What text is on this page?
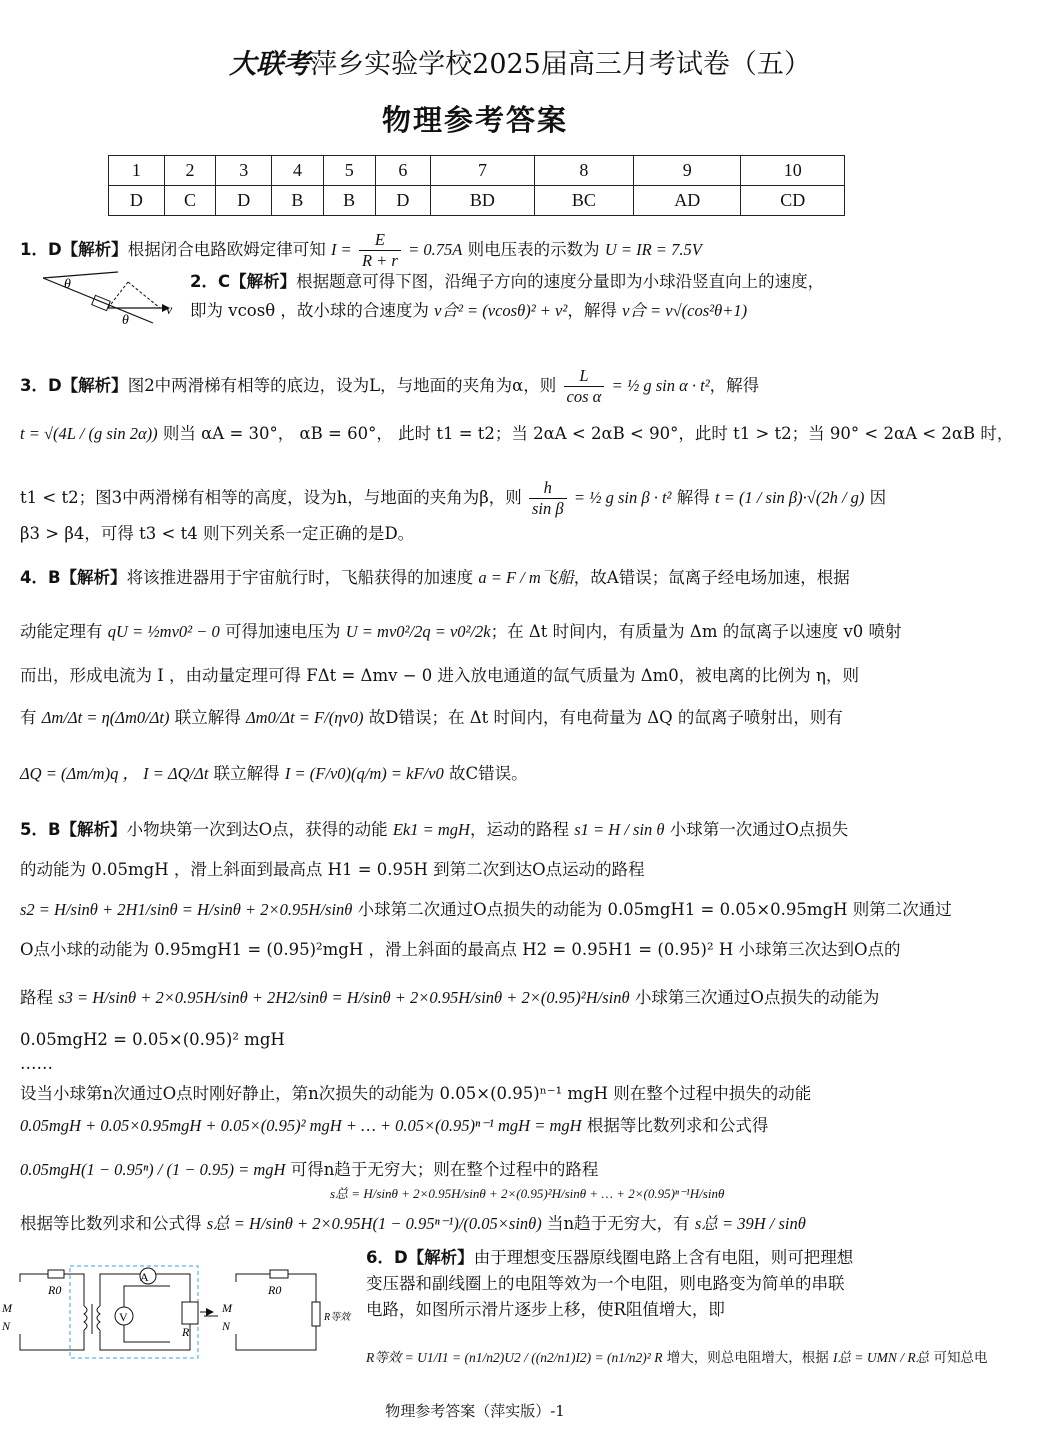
大联考萍乡实验学校2025届高三月考试卷（五）
物理参考答案
1	2	3	4	5	6	7	8	9	10
D	C	D	B	B	D	BD	BC	AD	CD
1．D【解析】根据闭合电路欧姆定律可知 $I = \frac{E}{R + r} = 0.75A$ 则电压表的示数为 U = IR = 7.5V
θ
θ
v
2．C【解析】根据题意可得下图，沿绳子方向的速度分量即为小球沿竖直向上的速度，
即为 vcosθ ，故小球的合速度为 v合² = (vcosθ)² + v²，解得 v合 = v√(cos²θ+1)
3．D【解析】图2中两滑梯有相等的底边，设为L，与地面的夹角为α，则 $\frac{L}{\text{cos α}}$ = ½ g sin α · t²，解得
t = √(4L / (g sin 2α)) 则当 αA = 30°， αB = 60°， 此时 t1 = t2；当 2αA < 2αB < 90°，此时 t1 > t2；当 90° < 2αA < 2αB 时，
t1 < t2；图3中两滑梯有相等的高度，设为h，与地面的夹角为β，则 $\frac{h}{\text{sin β}}$ = ½ g sin β · t² 解得 t = (1 / sin β)·√(2h / g) 因
β3 > β4，可得 t3 < t4 则下列关系一定正确的是D。
4．B【解析】将该推进器用于宇宙航行时，飞船获得的加速度 a = F / m飞船，故A错误；氙离子经电场加速，根据
动能定理有 qU = ½mv0² − 0 可得加速电压为 U = mv0²/2q = v0²/2k；在 Δt 时间内，有质量为 Δm 的氙离子以速度 v0 喷射
而出，形成电流为 I ，由动量定理可得 FΔt = Δmv − 0 进入放电通道的氙气质量为 Δm0，被电离的比例为 η，则
有 Δm/Δt = η(Δm0/Δt) 联立解得 Δm0/Δt = F/(ηv0) 故D错误；在 Δt 时间内，有电荷量为 ΔQ 的氙离子喷射出，则有
ΔQ = (Δm/m)q ， I = ΔQ/Δt 联立解得 I = (F/v0)(q/m) = kF/v0 故C错误。
5．B【解析】小物块第一次到达O点，获得的动能 Ek1 = mgH，运动的路程 s1 = H / sin θ 小球第一次通过O点损失
的动能为 0.05mgH ，滑上斜面到最高点 H1 = 0.95H 到第二次到达O点运动的路程
s2 = H/sinθ + 2H1/sinθ = H/sinθ + 2×0.95H/sinθ 小球第二次通过O点损失的动能为 0.05mgH1 = 0.05×0.95mgH 则第二次通过
O点小球的动能为 0.95mgH1 = (0.95)²mgH ，滑上斜面的最高点 H2 = 0.95H1 = (0.95)² H 小球第三次达到O点的
路程 s3 = H/sinθ + 2×0.95H/sinθ + 2H2/sinθ = H/sinθ + 2×0.95H/sinθ + 2×(0.95)²H/sinθ 小球第三次通过O点损失的动能为
0.05mgH2 = 0.05×(0.95)² mgH
……
设当小球第n次通过O点时刚好静止，第n次损失的动能为 0.05×(0.95)ⁿ⁻¹ mgH 则在整个过程中损失的动能
0.05mgH + 0.05×0.95mgH + 0.05×(0.95)² mgH + … + 0.05×(0.95)ⁿ⁻¹ mgH = mgH 根据等比数列求和公式得
0.05mgH(1 − 0.95ⁿ) / (1 − 0.95) = mgH 可得n趋于无穷大；则在整个过程中的路程
s总 = H/sinθ + 2×0.95H/sinθ + 2×(0.95)²H/sinθ + … + 2×(0.95)ⁿ⁻¹H/sinθ
根据等比数列求和公式得 s总 = H/sinθ + 2×0.95H(1 − 0.95ⁿ⁻¹)/(0.05×sinθ) 当n趋于无穷大，有 s总 = 39H / sinθ
A
V
R0
R
M
N
R0
R等效
M
N
6．D【解析】由于理想变压器原线圈电路上含有电阻，则可把理想
变压器和副线圈上的电阻等效为一个电阻，则电路变为简单的串联
电路，如图所示滑片逐步上移，使R阻值增大，即
R等效 = U1/I1 = (n1/n2)U2 / ((n2/n1)I2) = (n1/n2)² R 增大，则总电阻增大，根据 I总 = UMN / R总 可知总电
物理参考答案（萍实版）-1
